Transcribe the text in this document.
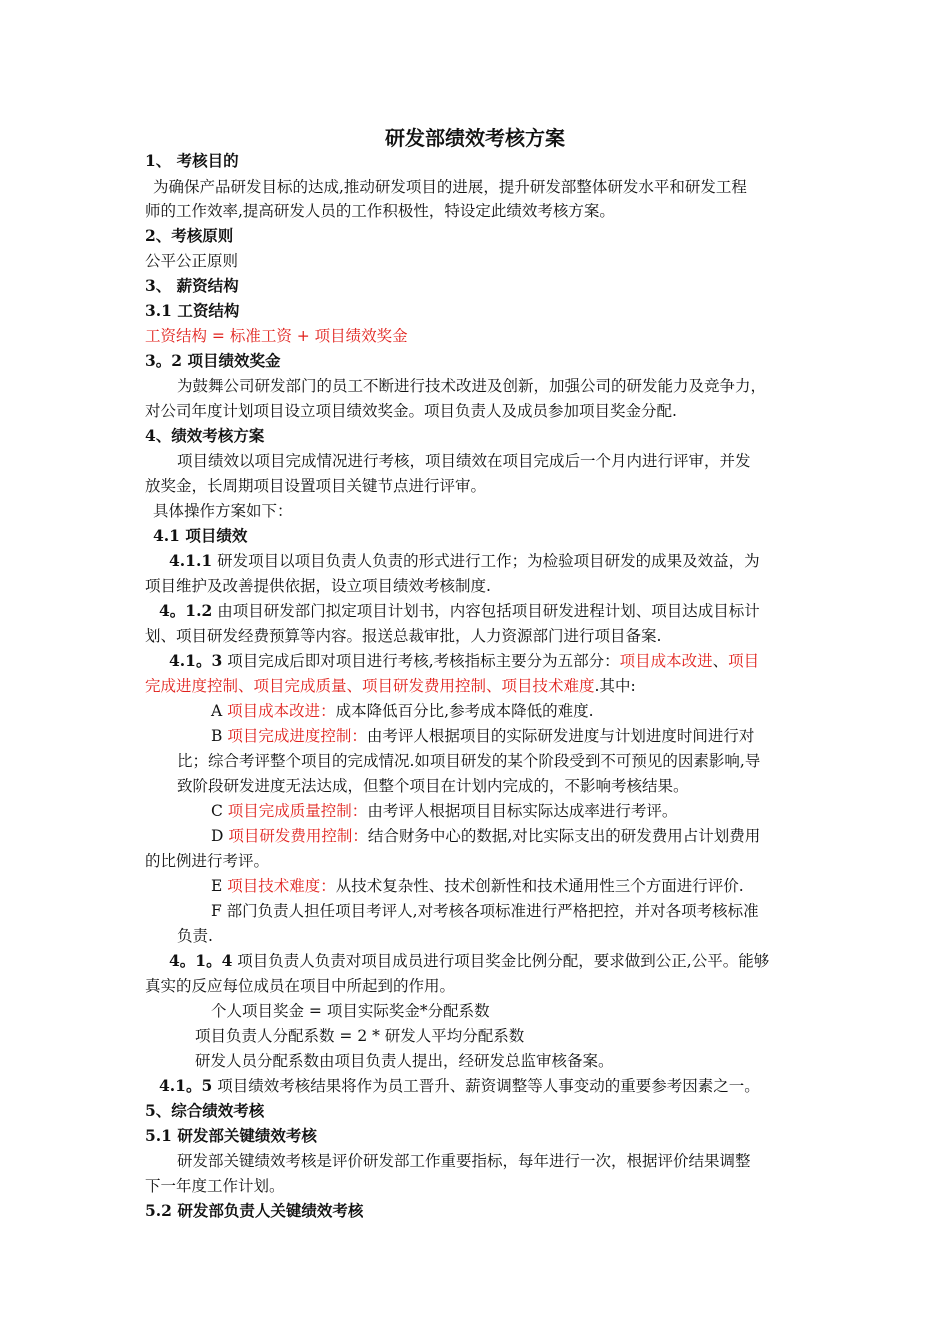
研发部绩效考核方案
1、 考核目的
为确保产品研发目标的达成,推动研发项目的进展，提升研发部整体研发水平和研发工程
师的工作效率,提高研发人员的工作积极性，特设定此绩效考核方案。
2、考核原则
公平公正原则
3、 薪资结构
3.1 工资结构
工资结构 = 标准工资 + 项目绩效奖金
3。2 项目绩效奖金
为鼓舞公司研发部门的员工不断进行技术改进及创新，加强公司的研发能力及竞争力，
对公司年度计划项目设立项目绩效奖金。项目负责人及成员参加项目奖金分配.
4、绩效考核方案
项目绩效以项目完成情况进行考核，项目绩效在项目完成后一个月内进行评审，并发
放奖金，长周期项目设置项目关键节点进行评审。
具体操作方案如下：
4.1 项目绩效
4.1.1 研发项目以项目负责人负责的形式进行工作；为检验项目研发的成果及效益，为
项目维护及改善提供依据，设立项目绩效考核制度.
4。1.2 由项目研发部门拟定项目计划书，内容包括项目研发进程计划、项目达成目标计
划、项目研发经费预算等内容。报送总裁审批，人力资源部门进行项目备案.
4.1。3 项目完成后即对项目进行考核,考核指标主要分为五部分：项目成本改进、项目
完成进度控制、项目完成质量、项目研发费用控制、项目技术难度.其中:
A 项目成本改进：成本降低百分比,参考成本降低的难度.
B 项目完成进度控制：由考评人根据项目的实际研发进度与计划进度时间进行对
比；综合考评整个项目的完成情况.如项目研发的某个阶段受到不可预见的因素影响,导
致阶段研发进度无法达成，但整个项目在计划内完成的，不影响考核结果。
C 项目完成质量控制：由考评人根据项目目标实际达成率进行考评。
D 项目研发费用控制：结合财务中心的数据,对比实际支出的研发费用占计划费用
的比例进行考评。
E 项目技术难度：从技术复杂性、技术创新性和技术通用性三个方面进行评价.
F 部门负责人担任项目考评人,对考核各项标准进行严格把控，并对各项考核标准
负责.
4。1。4 项目负责人负责对项目成员进行项目奖金比例分配，要求做到公正,公平。能够
真实的反应每位成员在项目中所起到的作用。
个人项目奖金 = 项目实际奖金*分配系数
项目负责人分配系数 = 2 * 研发人平均分配系数
研发人员分配系数由项目负责人提出，经研发总监审核备案。
4.1。5 项目绩效考核结果将作为员工晋升、薪资调整等人事变动的重要参考因素之一。
5、综合绩效考核
5.1 研发部关键绩效考核
研发部关键绩效考核是评价研发部工作重要指标，每年进行一次，根据评价结果调整
下一年度工作计划。
5.2 研发部负责人关键绩效考核
